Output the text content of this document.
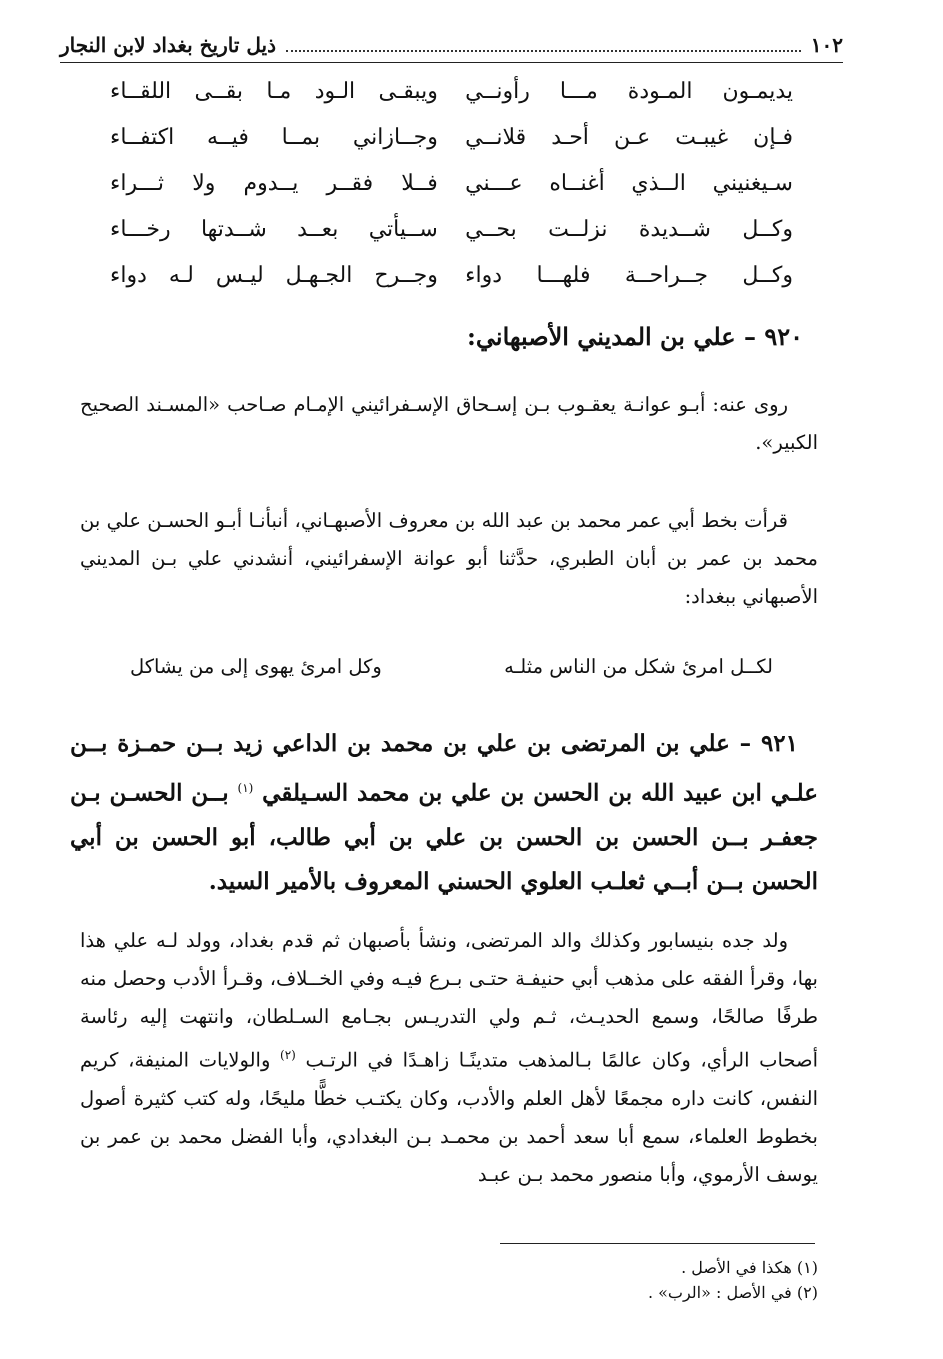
١٠٢
ذيل تاريخ بغداد لابن النجار
يديمـون المـودة مـــا رأونــي
ويبقـى الـود مـا بقــى اللقــاء
فـإن غيبـت عـن أحـد قلانــي
وجــازاني بمــا فيــه اكتفــاء
سـيغنيني الــذي أغنــاه عـــني
فــلا فقــر يــدوم ولا ثـــراء
وكــل شــديدة نزلــت بحــي
ســيأتي بعــد شــدتها رخـــاء
وكــل جــراحــة فلهـــا دواء
وجــرح الجـهـل ليـس لـه دواء
٩٢٠ – علي بن المديني الأصبهاني:
روى عنه: أبـو عوانـة يعقـوب بـن إسـحاق الإسـفرائيني الإمـام صـاحب «المسـند الصحيح الكبير».
قرأت بخط أبي عمر محمد بن عبد الله بن معروف الأصبهـاني، أنبأنـا أبـو الحسـن علي بن محمد بن عمر بن أبان الطبري، حدَّثنا أبو عوانة الإسفرائيني، أنشدني علي بـن المديني الأصبهاني ببغداد:
لكــل امرئ شكل من الناس مثلـه
وكل امرئ يهوى إلى من يشاكل
٩٢١ – علي بن المرتضى بن علي بن محمد بن الداعي زيد بــن حمـزة بــن علـي ابن عبيد الله بن الحسن بن علي بن محمد السـيلقي $^{(١)}$ بــن الحسـن بـن جعفـر بــن الحسن بن الحسن بن علي بن أبي طالب، أبو الحسن بن أبي الحسن بــن أبــي ثعلـب العلوي الحسني المعروف بالأمير السيد.
ولد جده بنيسابور وكذلك والد المرتضى، ونشأ بأصبهان ثم قدم بغداد، وولد لـه علي هذا بها، وقرأ الفقه على مذهب أبي حنيفـة حتـى بـرع فيـه وفي الخــلاف، وقـرأ الأدب وحصل منه طرفًا صالحًا، وسمع الحديـث، ثـم ولي التدريـس بجـامع السـلطان، وانتهت إليه رئاسة أصحاب الرأي، وكان عالمًا بـالمذهب متدينًـا زاهـدًا في الرتـب $^{(٢)}$ والولايات المنيفة، كريم النفس، كانت داره مجمعًا لأهل العلم والأدب، وكان يكتـب خطًّا مليحًا، وله كتب كثيرة أصول بخطوط العلماء، سمع أبا سعد أحمد بن محمـد بـن البغدادي، وأبا الفضل محمد بن عمر بن يوسف الأرموي، وأبا منصور محمد بـن عبـد
(١) هكذا في الأصل .
(٢) في الأصل : «الرب» .
